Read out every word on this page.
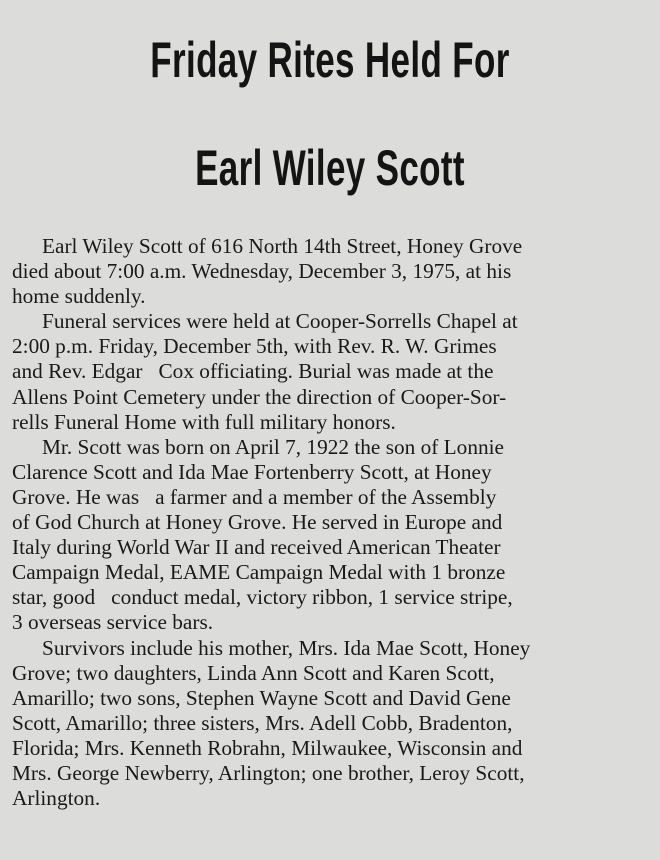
Friday Rites Held For
Earl Wiley Scott

Earl Wiley Scott of 616 North 14th Street, Honey Grove
died about 7:00 a.m. Wednesday, December 3, 1975, at his
home suddenly.

Funeral services were held at Cooper-Sorrells Chapel at
2:00 p.m. Friday, December 5th, with Rev. R. W. Grimes
and Rev. Edgar   Cox officiating. Burial was made at the
Allens Point Cemetery under the direction of Cooper-Sor-
rells Funeral Home with full military honors.

Mr. Scott was born on April 7, 1922 the son of Lonnie
Clarence Scott and Ida Mae Fortenberry Scott, at Honey
Grove. He was   a farmer and a member of the Assembly
of God Church at Honey Grove. He served in Europe and
Italy during World War II and received American Theater
Campaign Medal, EAME Campaign Medal with 1 bronze
star, good   conduct medal, victory ribbon, 1 service stripe,
3 overseas service bars.

Survivors include his mother, Mrs. Ida Mae Scott, Honey
Grove; two daughters, Linda Ann Scott and Karen Scott,
Amarillo; two sons, Stephen Wayne Scott and David Gene
Scott, Amarillo; three sisters, Mrs. Adell Cobb, Bradenton,
Florida; Mrs. Kenneth Robrahn, Milwaukee, Wisconsin and
Mrs. George Newberry, Arlington; one brother, Leroy Scott,
Arlington.
